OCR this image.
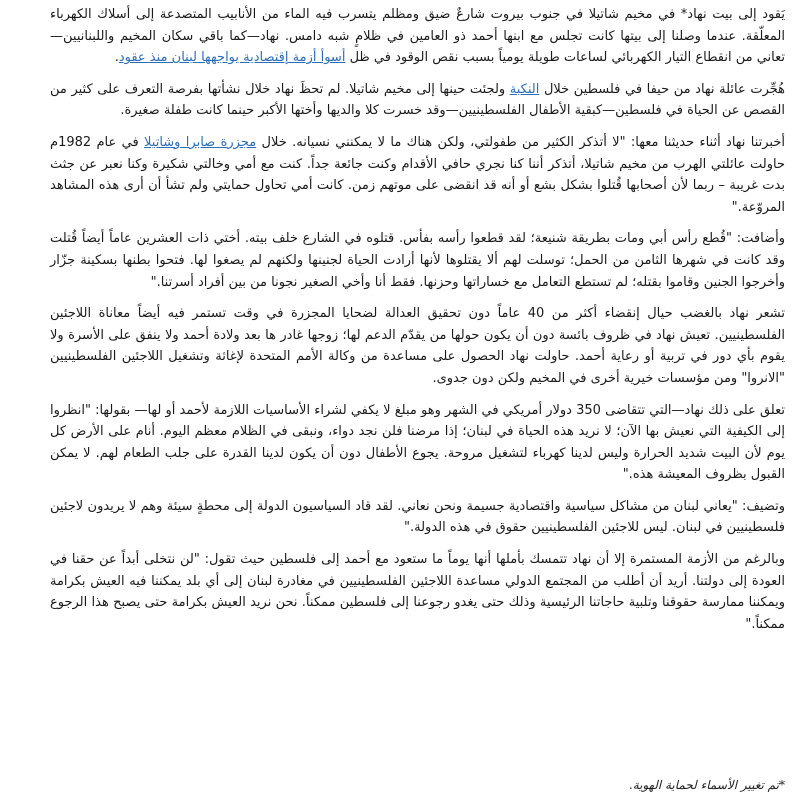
يَقود إلى بيت نهاد* في مخيم شاتيلا في جنوب بيروت شارعٌ ضيق ومظلم يتسرب فيه الماء من الأنابيب المتصدعة إلى أسلاك الكهرباء المعلّقة. عندما وصلنا إلى بيتها كانت تجلس مع ابنها أحمد ذو العامين في ظلامٍ شبه دامس. نهاد—كما باقي سكان المخيم واللبنانيين— تعاني من انقطاع التيار الكهربائي لساعات طويلة يومياً بسبب نقص الوقود في ظل أسوأ أزمة إقتصادية يواجهها لبنان منذ عقود.

هُجِّرت عائلة نهاد من حيفا في فلسطين خلال النكبة ولجئت حينها إلى مخيم شاتيلا. لم تحظَ نهاد خلال نشأتها بفرصة التعرف على كثير من القصص عن الحياة في فلسطين—كبقية الأطفال الفلسطينيين—وقد خسرت كلا والديها وأختها الأكبر حينما كانت طفلة صغيرة.

أخبرتنا نهاد أثناء حديثنا معها: "لا أتذكر الكثير من طفولتي، ولكن هناك ما لا يمكنني نسيانه. خلال مجزرة صابرا وشاتيلا في عام 1982م حاولت عائلتي الهرب من مخيم شاتيلا، أتذكر أننا كنا نجري حافي الأقدام وكنت جائعة جداً. كنت مع أمي وخالتي شكيرة وكنا نعبر عن جثث بدت غريبة – ربما لأن أصحابها قُتلوا بشكل بشع أو أنه قد انقضى على موتهم زمن. كانت أمي تحاول حمايتي ولم تشأ أن أرى هذه المشاهد المروّعة."

وأضافت: "قُطع رأس أبي ومات بطريقة شنيعة؛ لقد قطعوا رأسه بفأس. قتلوه في الشارع خلف بيته. أختي ذات العشرين عاماً أيضاً قُتلت وقد كانت في شهرها الثامن من الحمل؛ توسلت لهم ألا يقتلوها لأنها أرادت الحياة لجنينها ولكنهم لم يصغوا لها. فتحوا بطنها بسكينة جزّار وأخرجوا الجنين وقاموا بقتله؛ لم تستطع التعامل مع خساراتها وحزنها. فقط أنا وأخي الصغير نجونا من بين أفراد أسرتنا."

تشعر نهاد بالغضب حيال إنقضاء أكثر من 40 عاماً دون تحقيق العدالة لضحايا المجزرة في وقت تستمر فيه أيضاً معاناة اللاجئين الفلسطينيين. تعيش نهاد في ظروف بائسة دون أن يكون حولها من يقدّم الدعم لها؛ زوجها غادر ها بعد ولادة أحمد ولا ينفق على الأسرة ولا يقوم بأي دور في تربية أو رعاية أحمد. حاولت نهاد الحصول على مساعدة من وكالة الأمم المتحدة لإغاثة وتشغيل اللاجئين الفلسطينيين "الانروا" ومن مؤسسات خيرية أخرى في المخيم ولكن دون جدوى.

تعلق على ذلك نهاد—التي تتقاضى 350 دولار أمريكي في الشهر وهو مبلغ لا يكفي لشراء الأساسيات اللازمة لأحمد أو لها— بقولها: "انظروا إلى الكيفية التي نعيش بها الآن؛ لا نريد هذه الحياة في لبنان؛ إذا مرضنا فلن نجد دواء، ونبقى في الظلام معظم اليوم. أنام على الأرض كل يوم لأن البيت شديد الحرارة وليس لدينا كهرباء لتشغيل مروحة. يجوع الأطفال دون أن يكون لدينا القدرة على جلب الطعام لهم. لا يمكن القبول بظروف المعيشة هذه."

وتضيف: "يعاني لبنان من مشاكل سياسية واقتصادية جسيمة ونحن نعاني. لقد قاد السياسيون الدولة إلى محطةٍ سيئة وهم لا يريدون لاجئين فلسطينيين في لبنان. ليس للاجئين الفلسطينيين حقوق في هذه الدولة."

وبالرغم من الأزمة المستمرة إلا أن نهاد تتمسك بأملها أنها يوماً ما ستعود مع أحمد إلى فلسطين حيث تقول: "لن نتخلى أبداً عن حقنا في العودة إلى دولتنا. أريد أن أطلب من المجتمع الدولي مساعدة اللاجئين الفلسطينيين في مغادرة لبنان إلى أي بلد يمكننا فيه العيش بكرامة ويمكننا ممارسة حقوقنا وتلبية حاجاتنا الرئيسية وذلك حتى يغدو رجوعنا إلى فلسطين ممكناً. نحن نريد العيش بكرامة حتى يصبح هذا الرجوع ممكناً."

*تم تغيير الأسماء لحماية الهوية.
